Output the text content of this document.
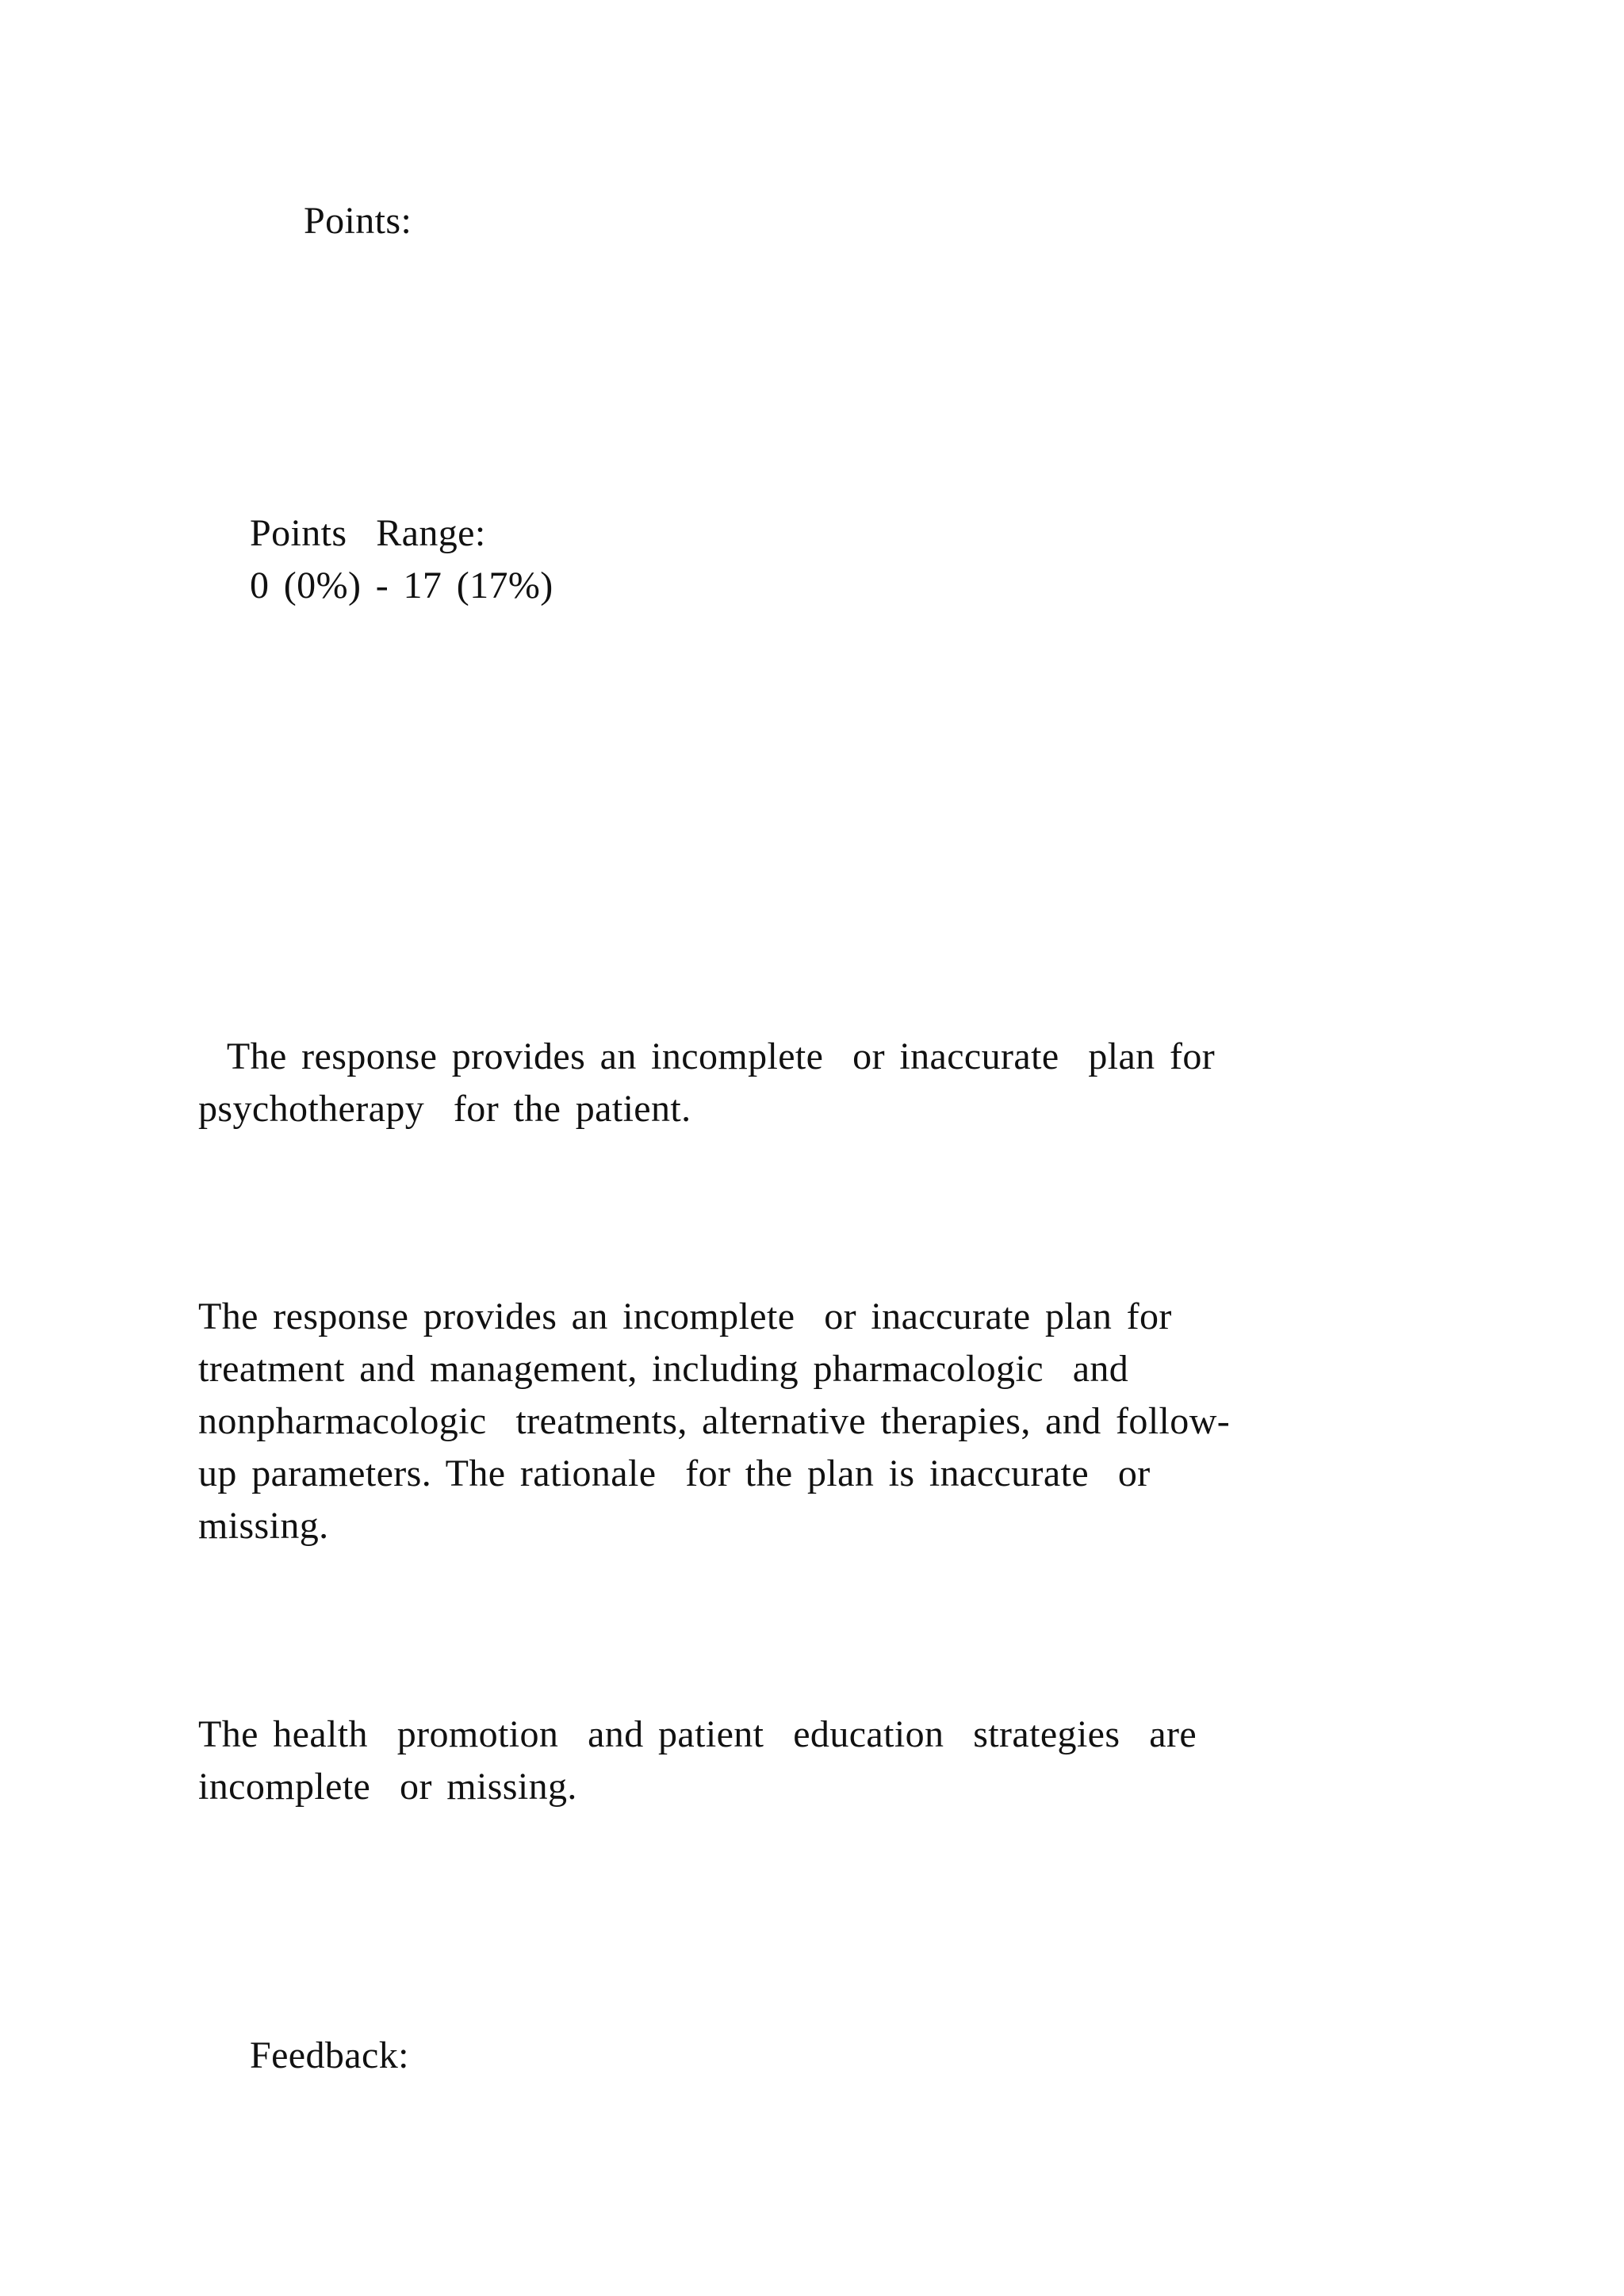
Points:
Points  Range:
0 (0%) - 17 (17%)
The response provides an incomplete  or inaccurate  plan for
psychotherapy  for the patient.
The response provides an incomplete  or inaccurate plan for
treatment and management, including pharmacologic  and
nonpharmacologic  treatments, alternative therapies, and follow-
up parameters. The rationale  for the plan is inaccurate  or
missing.
The health  promotion  and patient  education  strategies  are
incomplete  or missing.
Feedback:
